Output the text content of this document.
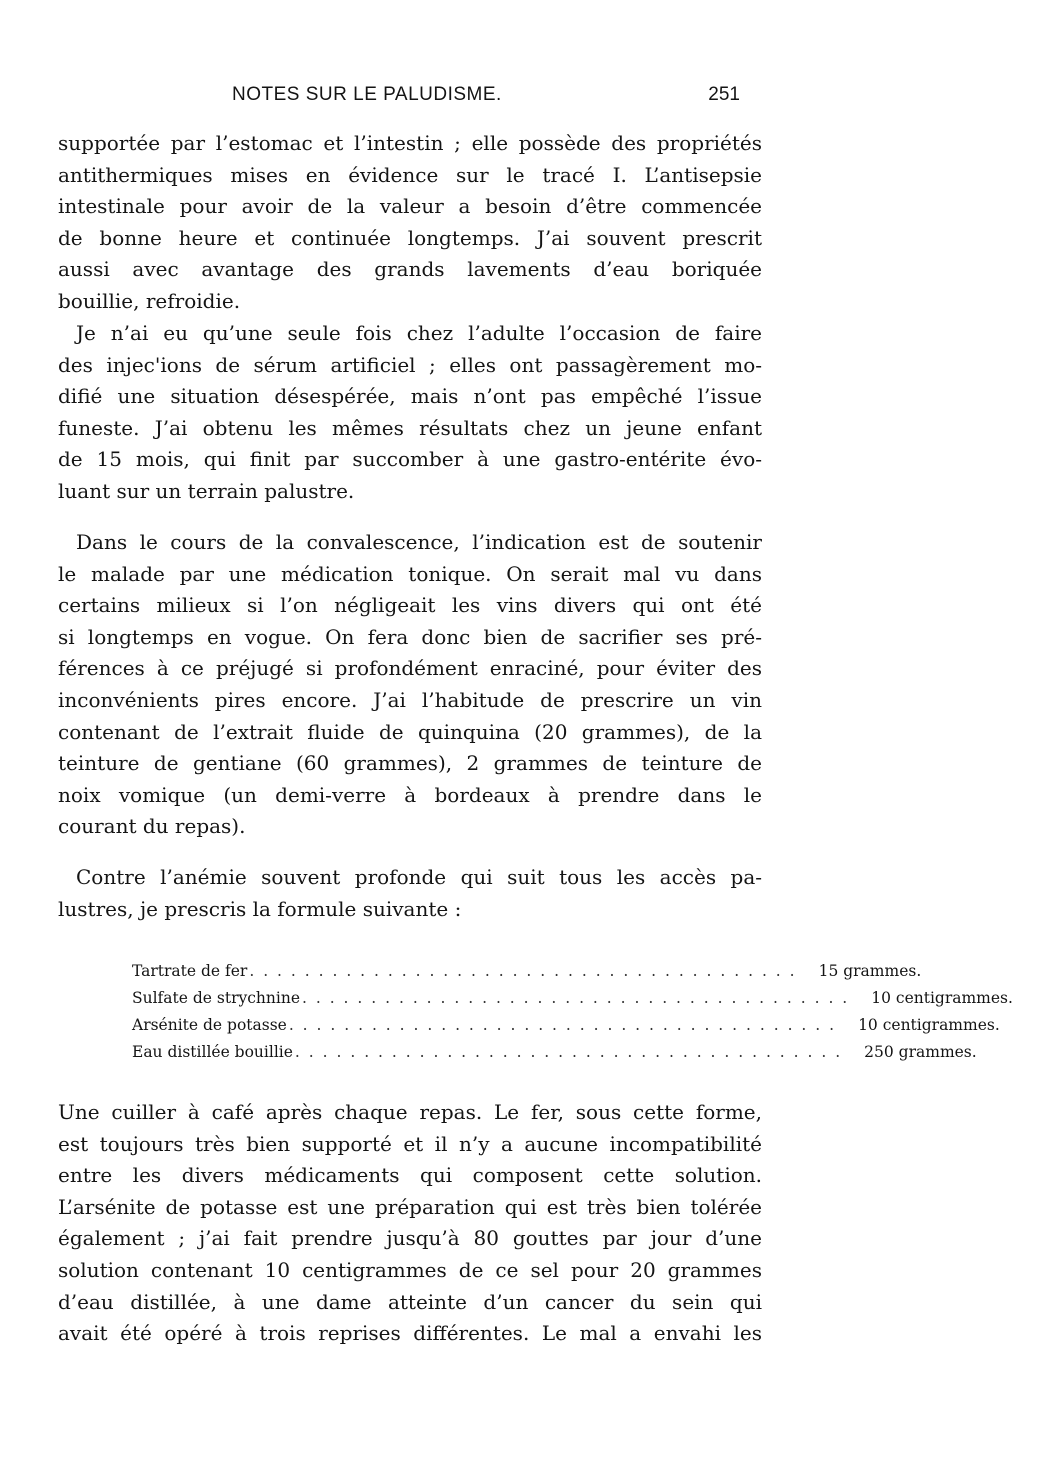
NOTES SUR LE PALUDISME.	251
supportée par l’estomac et l’intestin ; elle possède des propriétés
antithermiques mises en évidence sur le tracé I. L’antisepsie
intestinale pour avoir de la valeur a besoin d’être commencée
de bonne heure et continuée longtemps. J’ai souvent prescrit
aussi avec avantage des grands lavements d’eau boriquée
bouillie, refroidie.
Je n’ai eu qu’une seule fois chez l’adulte l’occasion de faire
des injec'ions de sérum artificiel ; elles ont passagèrement mo-
difié une situation désespérée, mais n’ont pas empêché l’issue
funeste. J’ai obtenu les mêmes résultats chez un jeune enfant
de 15 mois, qui finit par succomber à une gastro-entérite évo-
luant sur un terrain palustre.
Dans le cours de la convalescence, l’indication est de soutenir
le malade par une médication tonique. On serait mal vu dans
certains milieux si l’on négligeait les vins divers qui ont été
si longtemps en vogue. On fera donc bien de sacrifier ses pré-
férences à ce préjugé si profondément enraciné, pour éviter des
inconvénients pires encore. J’ai l’habitude de prescrire un vin
contenant de l’extrait fluide de quinquina (20 grammes), de la
teinture de gentiane (60 grammes), 2 grammes de teinture de
noix vomique (un demi-verre à bordeaux à prendre dans le
courant du repas).
Contre l’anémie souvent profonde qui suit tous les accès pa-
lustres, je prescris la formule suivante :
Tartrate de fer . . . . . . . . . . . . . . . . . . . . . . . . . . . . . . . . . . . . . . . .	15 grammes.
Sulfate de strychnine . . . . . . . . . . . . . . . . . . . . . . . . . . . . . . . . . . . . . . . .	10 centigrammes.
Arsénite de potasse . . . . . . . . . . . . . . . . . . . . . . . . . . . . . . . . . . . . . . . .	10 centigrammes.
Eau distillée bouillie . . . . . . . . . . . . . . . . . . . . . . . . . . . . . . . . . . . . . . . .	250 grammes.
Une cuiller à café après chaque repas. Le fer, sous cette forme,
est toujours très bien supporté et il n’y a aucune incompatibilité
entre les divers médicaments qui composent cette solution.
L’arsénite de potasse est une préparation qui est très bien tolérée
également ; j’ai fait prendre jusqu’à 80 gouttes par jour d’une
solution contenant 10 centigrammes de ce sel pour 20 grammes
d’eau distillée, à une dame atteinte d’un cancer du sein qui
avait été opéré à trois reprises différentes. Le mal a envahi les
